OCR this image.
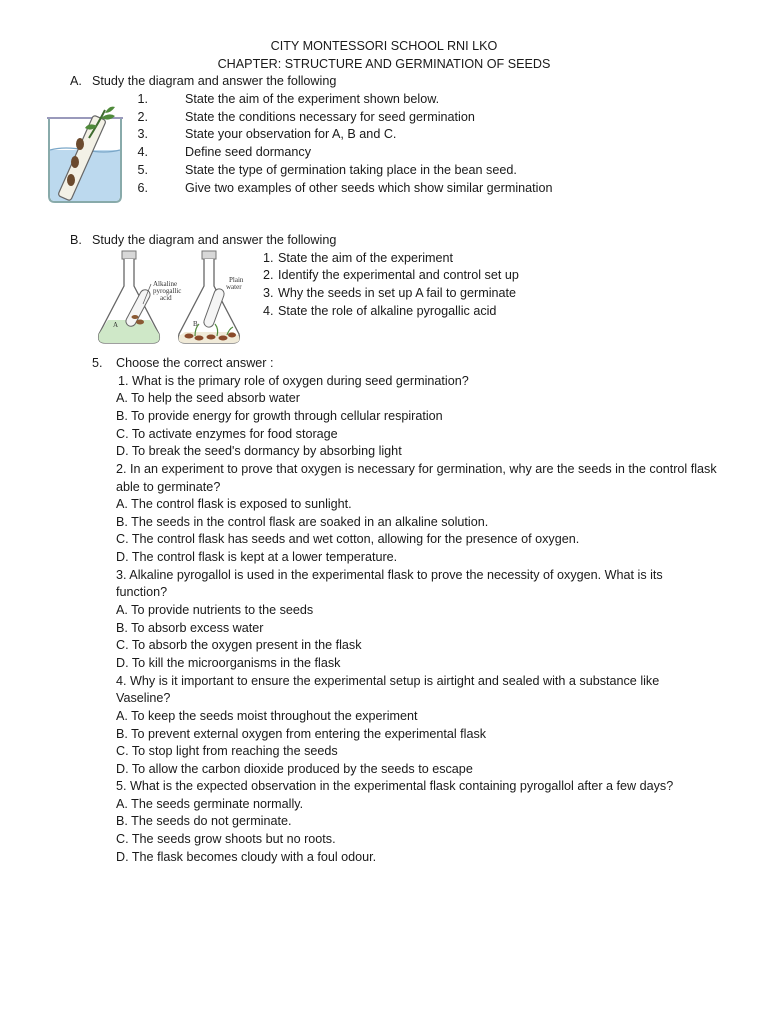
CITY MONTESSORI SCHOOL RNI LKO
CHAPTER: STRUCTURE AND GERMINATION OF SEEDS
A. Study the diagram and answer the following
1.	State the aim of the experiment shown below.
2.	State the conditions necessary for seed germination
3.	State your observation for A, B and C.
4.	Define seed dormancy
5.	State the type of germination taking place in the bean seed.
6.	Give two examples of other seeds which show similar germination
B. Study the diagram and answer the following
1. State the aim of the experiment
2. Identify the experimental and control set up
3. Why the seeds in set up A fail to germinate
4. State the role of alkaline pyrogallic acid
Alkaline
pyrogallic
acid
A
Plain
water
B
5. Choose the correct answer :
1. What is the primary role of oxygen during seed germination?
A. To help the seed absorb water
B. To provide energy for growth through cellular respiration
C. To activate enzymes for food storage
D. To break the seed's dormancy by absorbing light
2. In an experiment to prove that oxygen is necessary for germination, why are the seeds in the control flask
able to germinate?
A. The control flask is exposed to sunlight.
B. The seeds in the control flask are soaked in an alkaline solution.
C. The control flask has seeds and wet cotton, allowing for the presence of oxygen.
D. The control flask is kept at a lower temperature.
3. Alkaline pyrogallol is used in the experimental flask to prove the necessity of oxygen. What is its
function?
A. To provide nutrients to the seeds
B. To absorb excess water
C. To absorb the oxygen present in the flask
D. To kill the microorganisms in the flask
4. Why is it important to ensure the experimental setup is airtight and sealed with a substance like
Vaseline?
A. To keep the seeds moist throughout the experiment
B. To prevent external oxygen from entering the experimental flask
C. To stop light from reaching the seeds
D. To allow the carbon dioxide produced by the seeds to escape
5. What is the expected observation in the experimental flask containing pyrogallol after a few days?
A. The seeds germinate normally.
B. The seeds do not germinate.
C. The seeds grow shoots but no roots.
D. The flask becomes cloudy with a foul odour.
